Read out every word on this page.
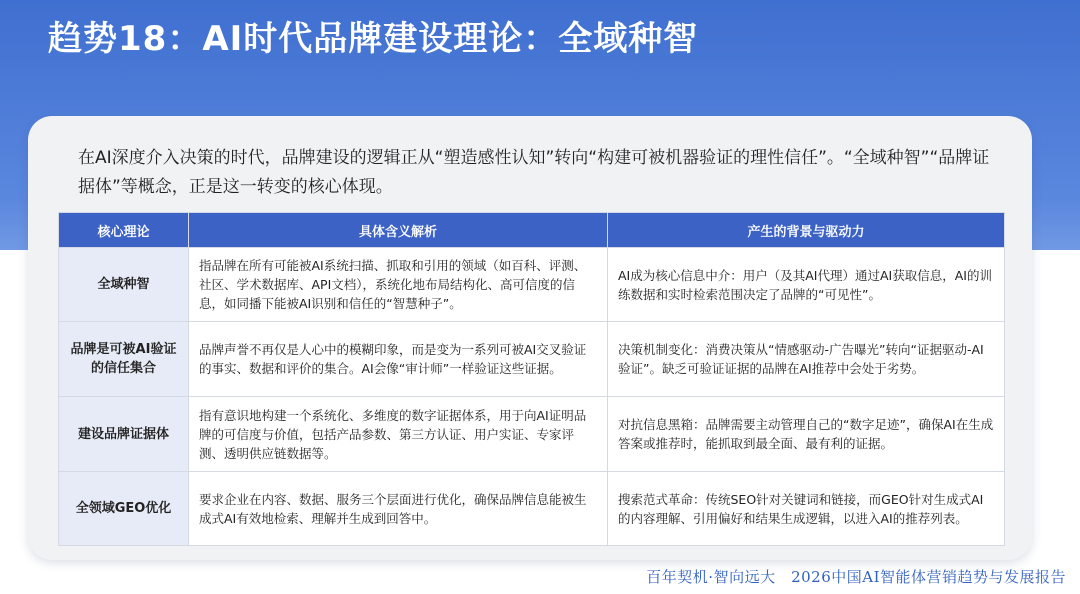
趋势18：AI时代品牌建设理论：全域种智

在AI深度介入决策的时代，品牌建设的逻辑正从“塑造感性认知”转向“构建可被机器验证的理性信任”。“全域种智”“品牌证据体”等概念，正是这一转变的核心体现。

核心理论	具体含义解析	产生的背景与驱动力
全域种智	指品牌在所有可能被AI系统扫描、抓取和引用的领域（如百科、评测、社区、学术数据库、API文档），系统化地布局结构化、高可信度的信息，如同播下能被AI识别和信任的“智慧种子”。	AI成为核心信息中介：用户（及其AI代理）通过AI获取信息，AI的训练数据和实时检索范围决定了品牌的“可见性”。
品牌是可被AI验证的信任集合	品牌声誉不再仅是人心中的模糊印象，而是变为一系列可被AI交叉验证的事实、数据和评价的集合。AI会像“审计师”一样验证这些证据。	决策机制变化：消费决策从“情感驱动-广告曝光”转向“证据驱动-AI验证”。缺乏可验证证据的品牌在AI推荐中会处于劣势。
建设品牌证据体	指有意识地构建一个系统化、多维度的数字证据体系，用于向AI证明品牌的可信度与价值，包括产品参数、第三方认证、用户实证、专家评测、透明供应链数据等。	对抗信息黑箱：品牌需要主动管理自己的“数字足迹”，确保AI在生成答案或推荐时，能抓取到最全面、最有利的证据。
全领域GEO优化	要求企业在内容、数据、服务三个层面进行优化，确保品牌信息能被生成式AI有效地检索、理解并生成到回答中。	搜索范式革命：传统SEO针对关键词和链接，而GEO针对生成式AI的内容理解、引用偏好和结果生成逻辑，以进入AI的推荐列表。

百年契机·智向远大　2026中国AI智能体营销趋势与发展报告
